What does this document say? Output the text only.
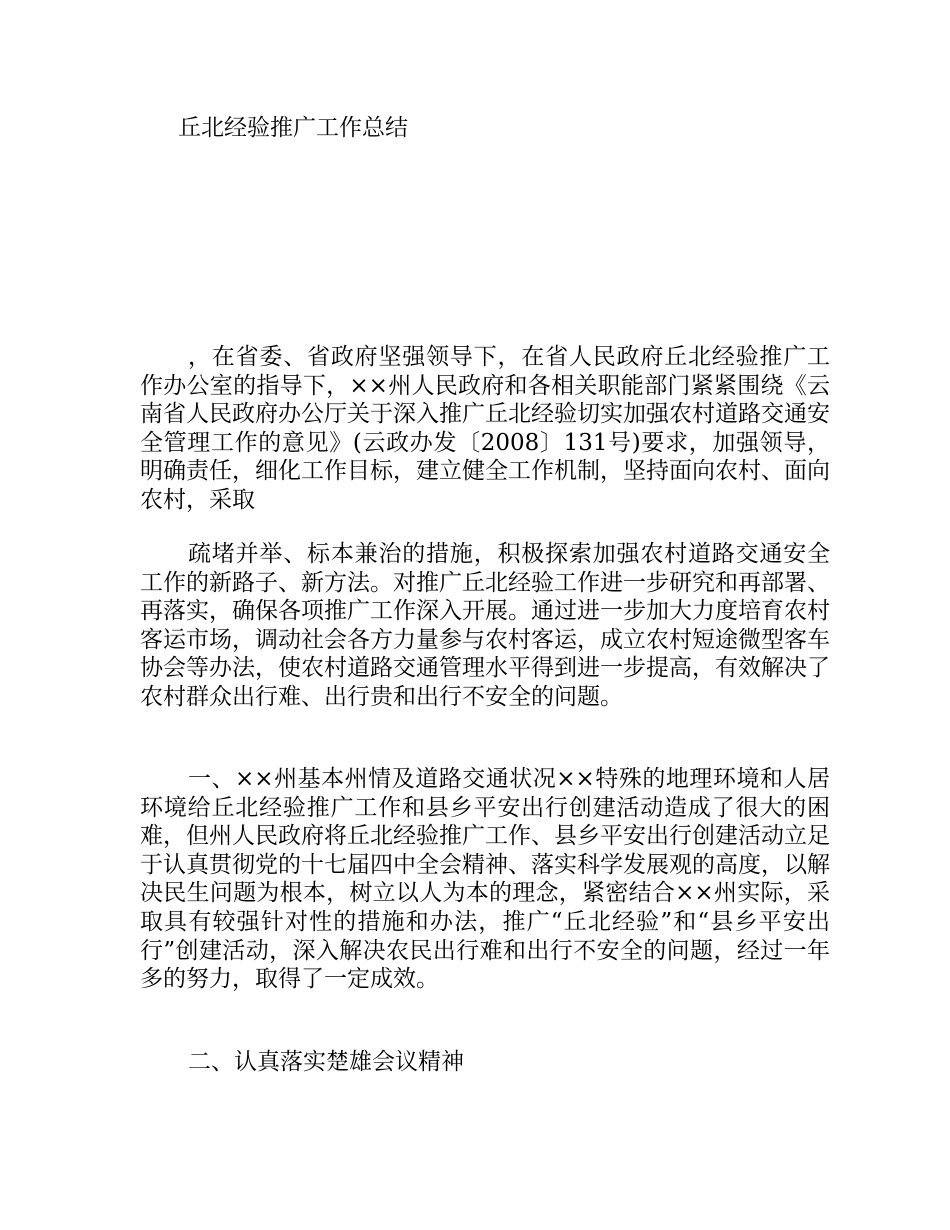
丘北经验推广工作总结

，在省委、省政府坚强领导下，在省人民政府丘北经验推广工作办公室的指导下，××州人民政府和各相关职能部门紧紧围绕《云南省人民政府办公厅关于深入推广丘北经验切实加强农村道路交通安全管理工作的意见》(云政办发〔2008〕131号)要求，加强领导，明确责任，细化工作目标，建立健全工作机制，坚持面向农村、面向农村，采取

疏堵并举、标本兼治的措施，积极探索加强农村道路交通安全工作的新路子、新方法。对推广丘北经验工作进一步研究和再部署、再落实，确保各项推广工作深入开展。通过进一步加大力度培育农村客运市场，调动社会各方力量参与农村客运，成立农村短途微型客车协会等办法，使农村道路交通管理水平得到进一步提高，有效解决了农村群众出行难、出行贵和出行不安全的问题。

一、××州基本州情及道路交通状况××特殊的地理环境和人居环境给丘北经验推广工作和县乡平安出行创建活动造成了很大的困难，但州人民政府将丘北经验推广工作、县乡平安出行创建活动立足于认真贯彻党的十七届四中全会精神、落实科学发展观的高度，以解决民生问题为根本，树立以人为本的理念，紧密结合××州实际，采取具有较强针对性的措施和办法，推广“丘北经验”和“县乡平安出行”创建活动，深入解决农民出行难和出行不安全的问题，经过一年多的努力，取得了一定成效。

二、认真落实楚雄会议精神
